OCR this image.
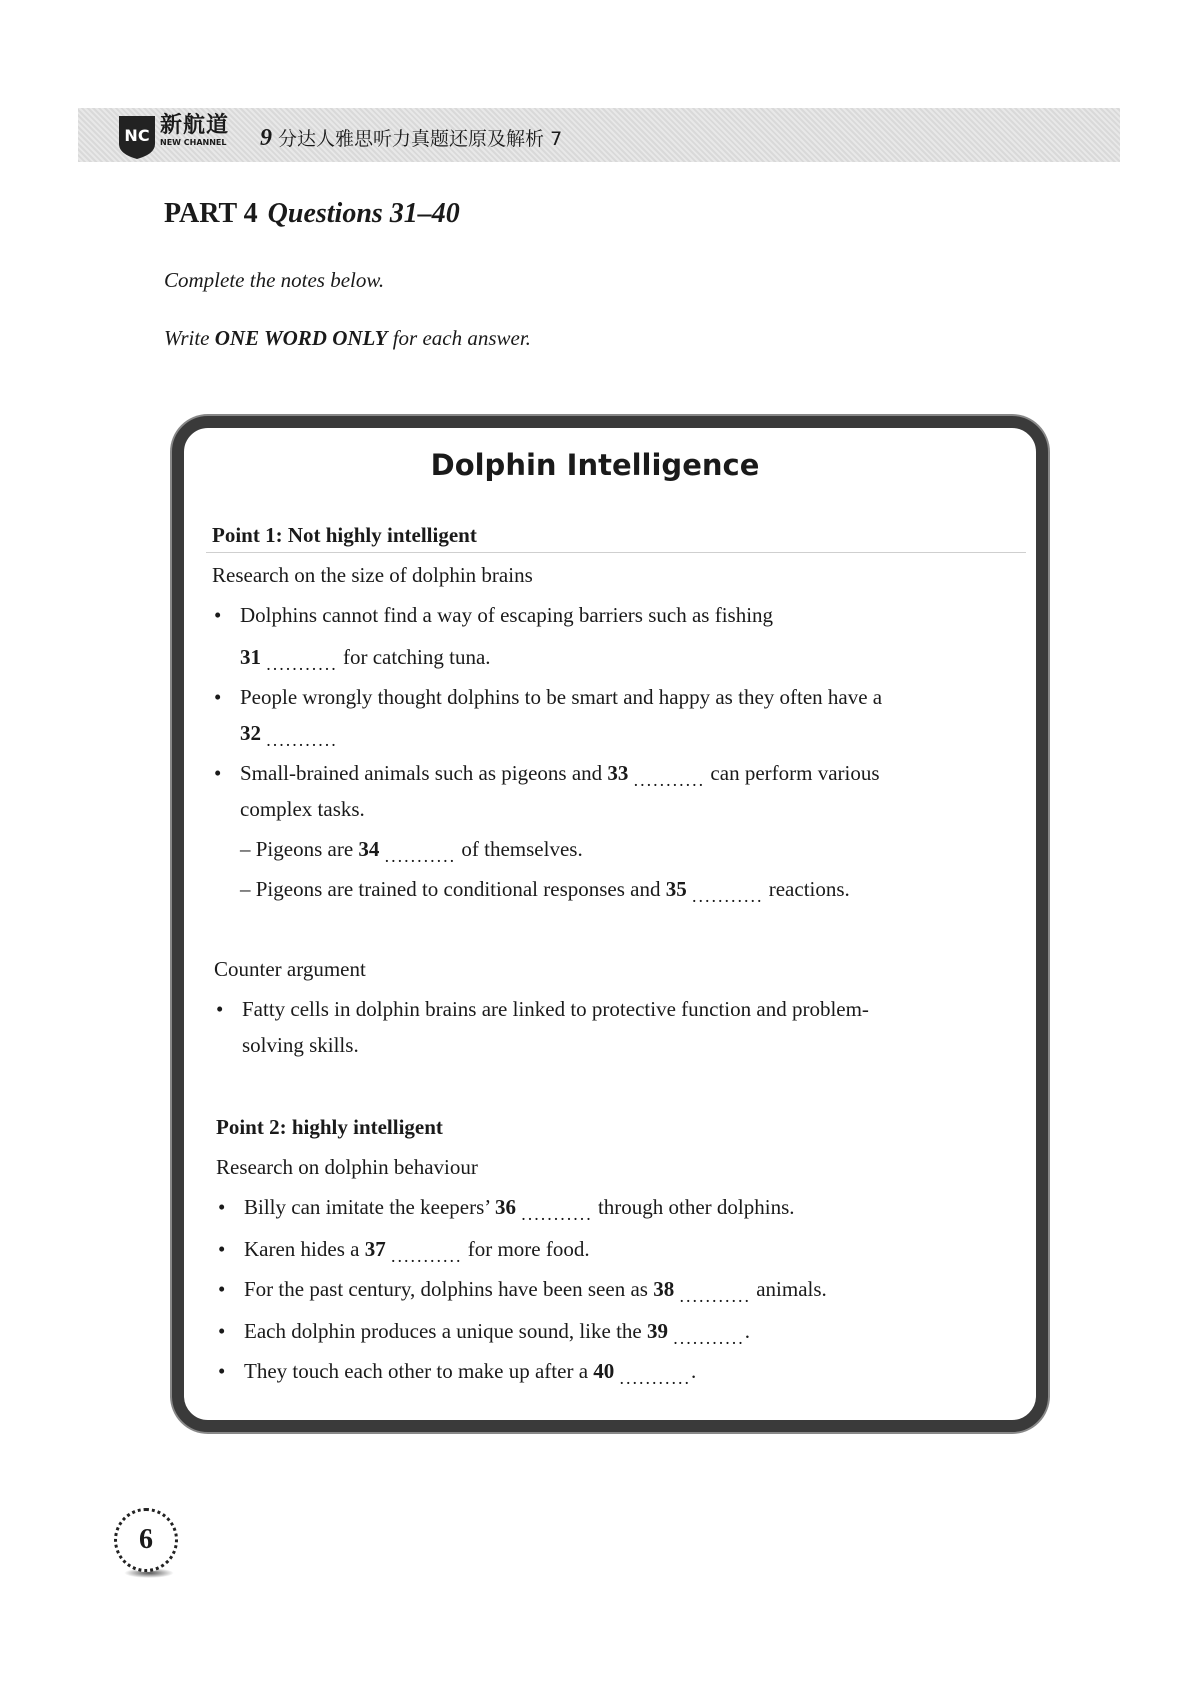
NC 新航道
NEW CHANNEL 9 分达人雅思听力真题还原及解析 7
PART 4 Questions 31–40
Complete the notes below.
Write ONE WORD ONLY for each answer.
Dolphin Intelligence
Point 1: Not highly intelligent
Research on the size of dolphin brains
• Dolphins cannot find a way of escaping barriers such as fishing
31 ........... for catching tuna.
• People wrongly thought dolphins to be smart and happy as they often have a
32 ...........
• Small-brained animals such as pigeons and 33 ........... can perform various
complex tasks.
– Pigeons are 34 ........... of themselves.
– Pigeons are trained to conditional responses and 35 ........... reactions.
Counter argument
• Fatty cells in dolphin brains are linked to protective function and problem-
solving skills.
Point 2: highly intelligent
Research on dolphin behaviour
• Billy can imitate the keepers’ 36 ........... through other dolphins.
• Karen hides a 37 ........... for more food.
• For the past century, dolphins have been seen as 38 ........... animals.
• Each dolphin produces a unique sound, like the 39 ............
• They touch each other to make up after a 40 ............
6
